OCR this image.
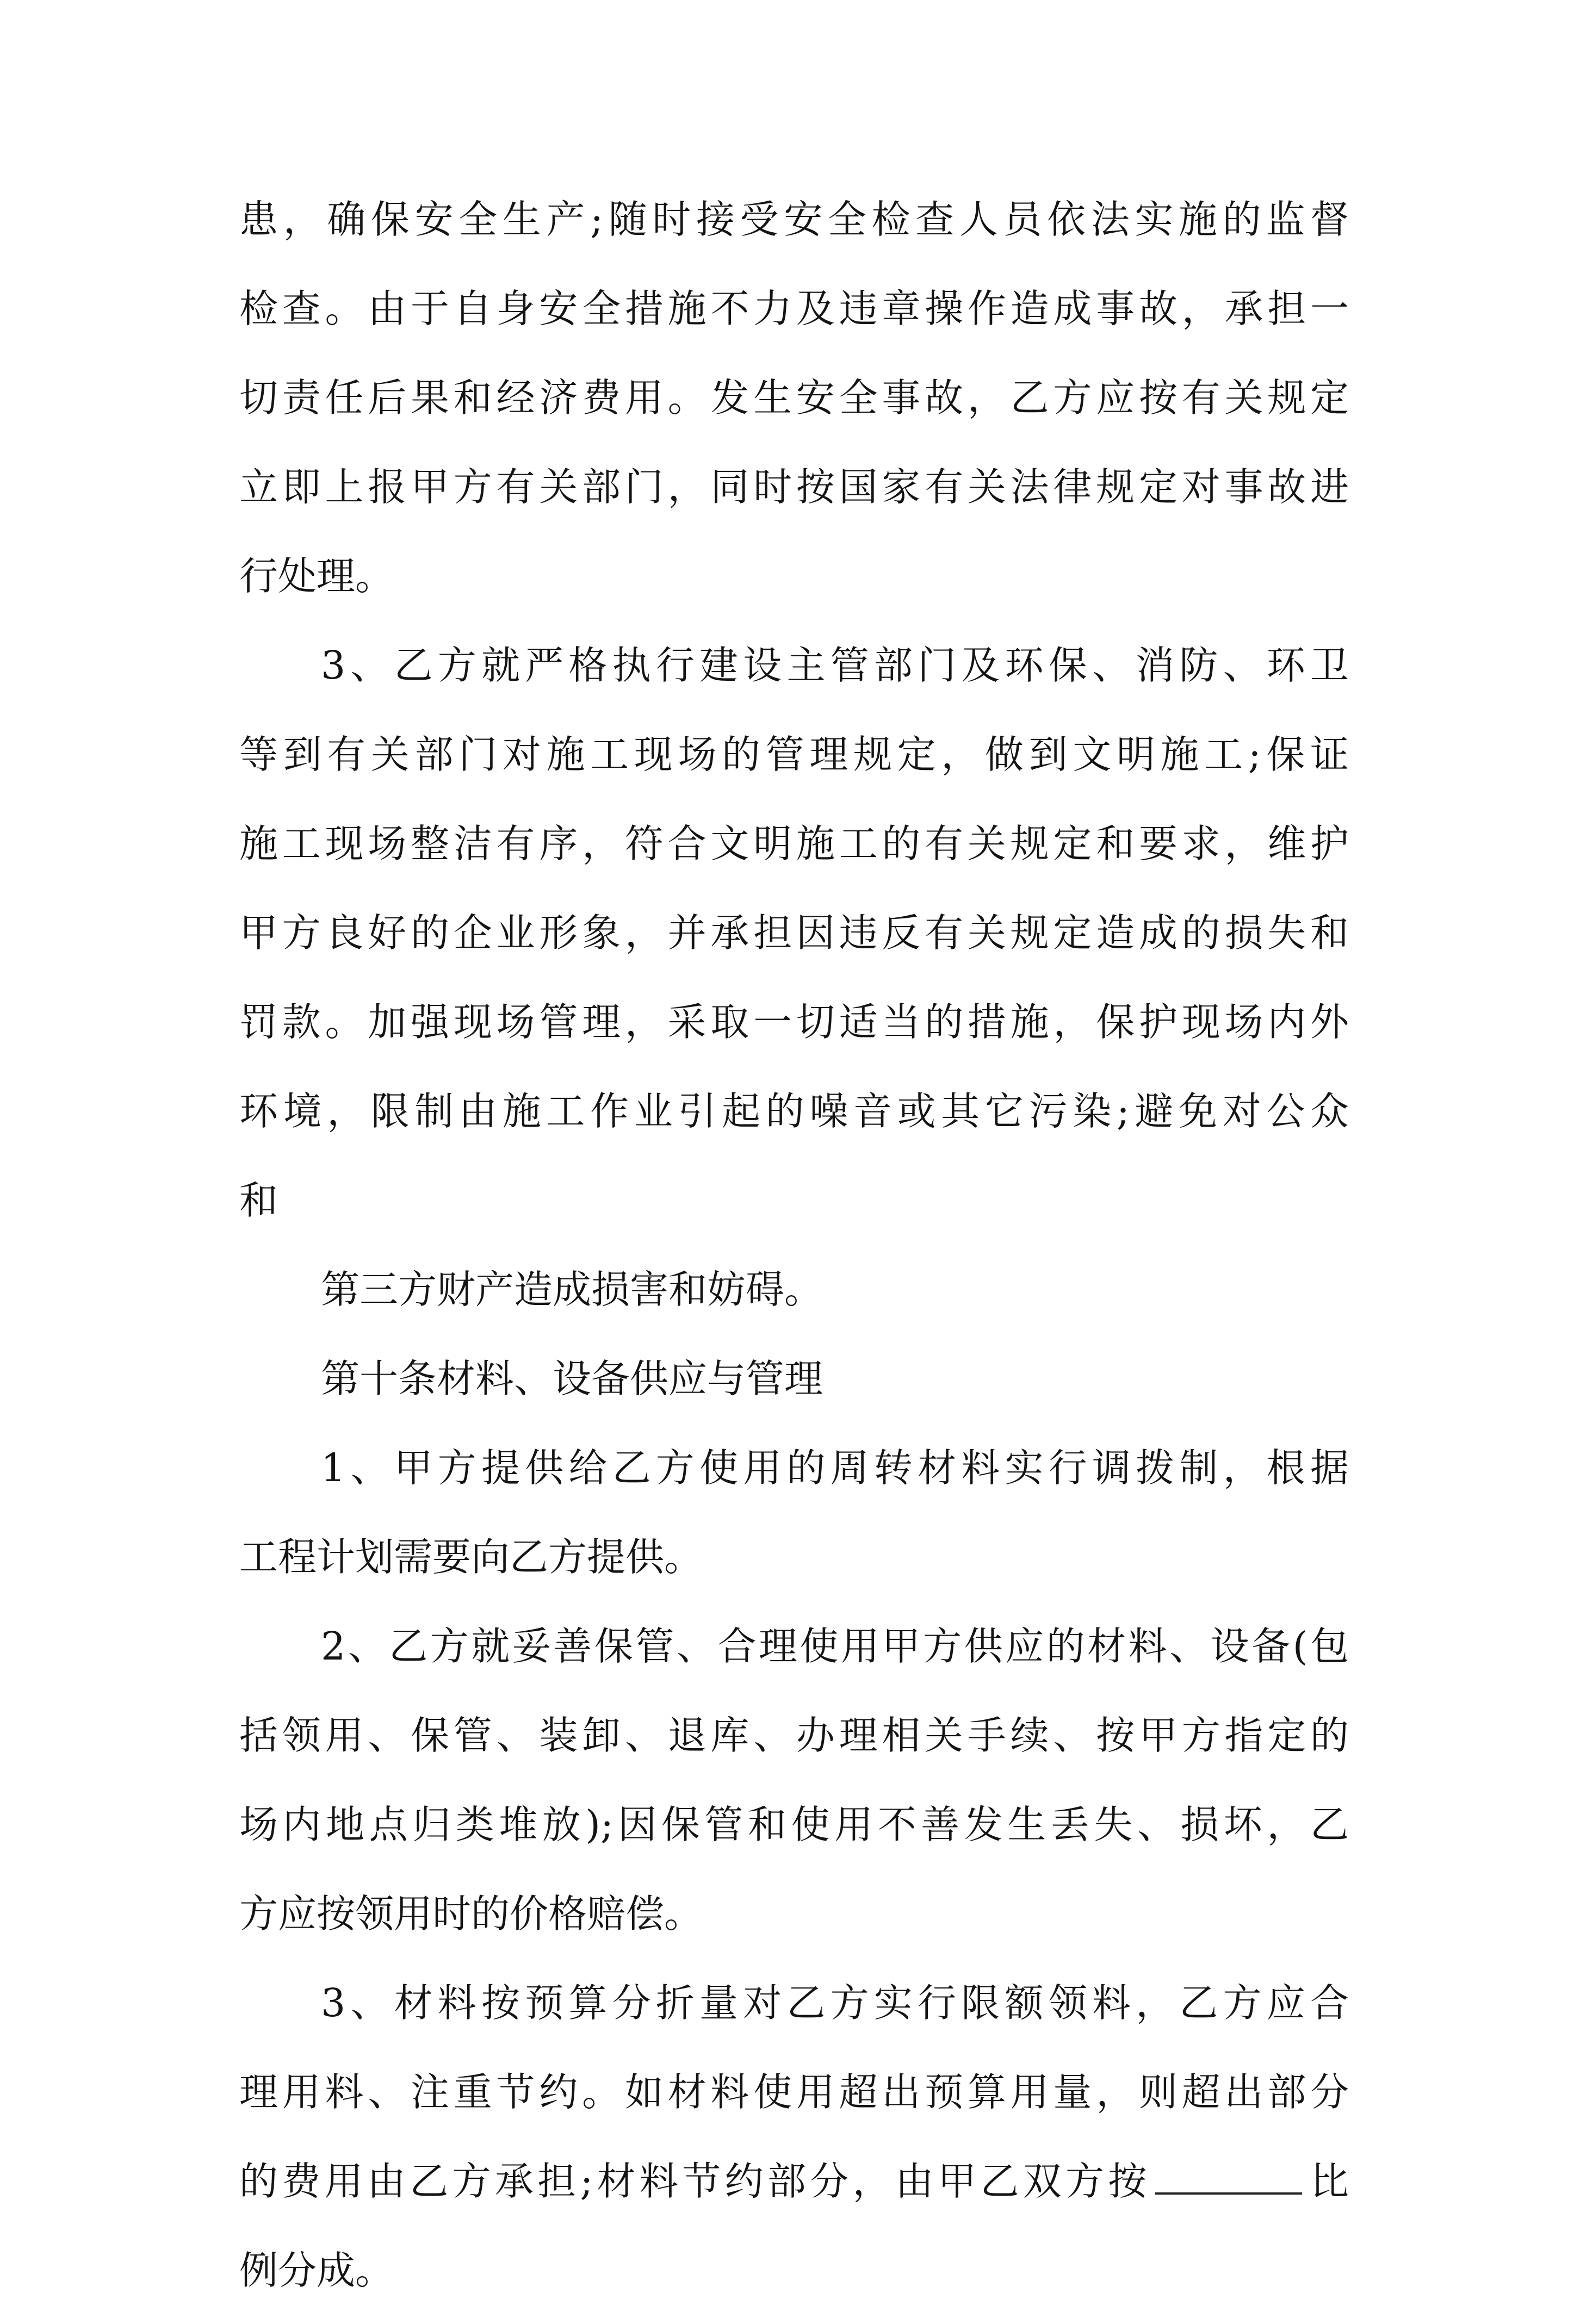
患，确保安全生产;随时接受安全检查人员依法实施的监督
检查。由于自身安全措施不力及违章操作造成事故，承担一
切责任后果和经济费用。发生安全事故，乙方应按有关规定
立即上报甲方有关部门，同时按国家有关法律规定对事故进
行处理。
3、乙方就严格执行建设主管部门及环保、消防、环卫
等到有关部门对施工现场的管理规定，做到文明施工;保证
施工现场整洁有序，符合文明施工的有关规定和要求，维护
甲方良好的企业形象，并承担因违反有关规定造成的损失和
罚款。加强现场管理，采取一切适当的措施，保护现场内外
环境，限制由施工作业引起的噪音或其它污染;避免对公众
和
第三方财产造成损害和妨碍。
第十条材料、设备供应与管理
1、甲方提供给乙方使用的周转材料实行调拨制，根据
工程计划需要向乙方提供。
2、乙方就妥善保管、合理使用甲方供应的材料、设备(包
括领用、保管、装卸、退库、办理相关手续、按甲方指定的
场内地点归类堆放);因保管和使用不善发生丢失、损坏，乙
方应按领用时的价格赔偿。
3、材料按预算分折量对乙方实行限额领料，乙方应合
理用料、注重节约。如材料使用超出预算用量，则超出部分
的费用由乙方承担;材料节约部分，由甲乙双方按	比
例分成。
